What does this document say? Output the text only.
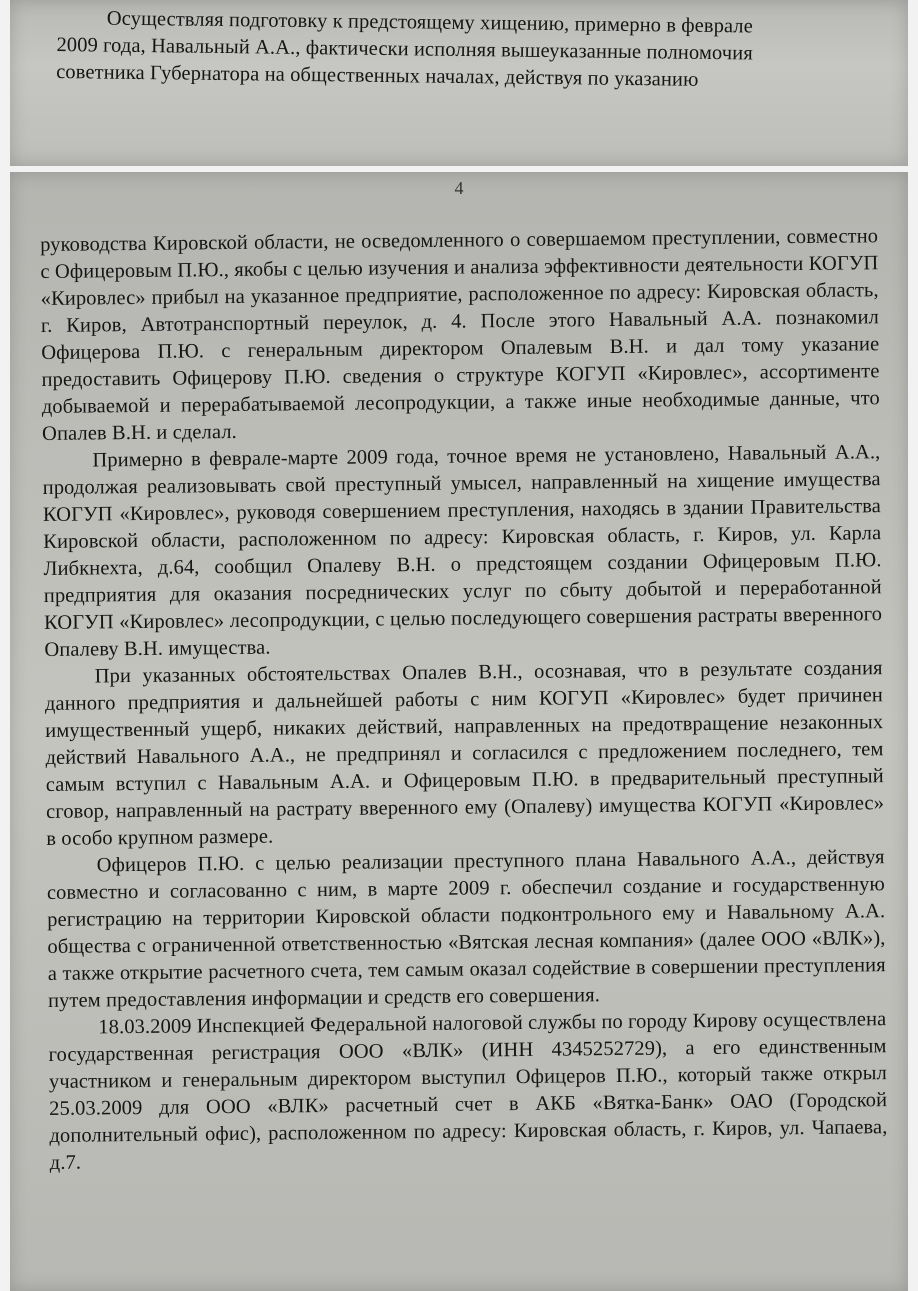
Осуществляя подготовку к предстоящему хищению, примерно в феврале

2009 года, Навальный А.А., фактически исполняя вышеуказанные полномочия

советника Губернатора на общественных началах, действуя по указанию

4

руководства Кировской области, не осведомленного о совершаемом преступлении, совместно с Офицеровым П.Ю., якобы с целью изучения и анализа эффективности деятельности КОГУП «Кировлес» прибыл на указанное предприятие, расположенное по адресу: Кировская область, г. Киров, Автотранспортный переулок, д. 4. После этого Навальный А.А. познакомил Офицерова П.Ю. с генеральным директором Опалевым В.Н. и дал тому указание предоставить Офицерову П.Ю. сведения о структуре КОГУП «Кировлес», ассортименте добываемой и перерабатываемой лесопродукции, а также иные необходимые данные, что Опалев В.Н. и сделал.

Примерно в феврале-марте 2009 года, точное время не установлено, Навальный А.А., продолжая реализовывать свой преступный умысел, направленный на хищение имущества КОГУП «Кировлес», руководя совершением преступления, находясь в здании Правительства Кировской области, расположенном по адресу: Кировская область, г. Киров, ул. Карла Либкнехта, д.64, сообщил Опалеву В.Н. о предстоящем создании Офицеровым П.Ю. предприятия для оказания посреднических услуг по сбыту добытой и переработанной КОГУП «Кировлес» лесопродукции, с целью последующего совершения растраты вверенного Опалеву В.Н. имущества.

При указанных обстоятельствах Опалев В.Н., осознавая, что в результате создания данного предприятия и дальнейшей работы с ним КОГУП «Кировлес» будет причинен имущественный ущерб, никаких действий, направленных на предотвращение незаконных действий Навального А.А., не предпринял и согласился с предложением последнего, тем самым вступил с Навальным А.А. и Офицеровым П.Ю. в предварительный преступный сговор, направленный на растрату вверенного ему (Опалеву) имущества КОГУП «Кировлес» в особо крупном размере.

Офицеров П.Ю. с целью реализации преступного плана Навального А.А., действуя совместно и согласованно с ним, в марте 2009 г. обеспечил создание и государственную регистрацию на территории Кировской области подконтрольного ему и Навальному А.А. общества с ограниченной ответственностью «Вятская лесная компания» (далее ООО «ВЛК»), а также открытие расчетного счета, тем самым оказал содействие в совершении преступления путем предоставления информации и средств его совершения.

18.03.2009 Инспекцией Федеральной налоговой службы по городу Кирову осуществлена государственная регистрация ООО «ВЛК» (ИНН 4345252729), а его единственным участником и генеральным директором выступил Офицеров П.Ю., который также открыл 25.03.2009 для ООО «ВЛК» расчетный счет в АКБ «Вятка-Банк» ОАО (Городской дополнительный офис), расположенном по адресу: Кировская область, г. Киров, ул. Чапаева, д.7.
